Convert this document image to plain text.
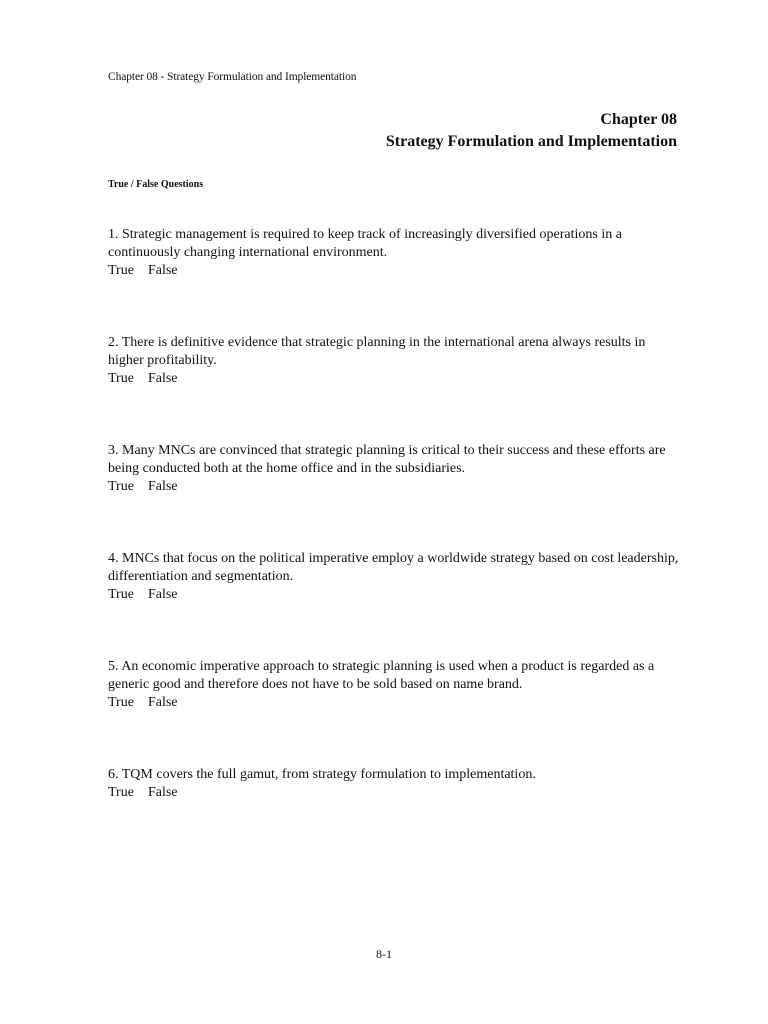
Chapter 08 - Strategy Formulation and Implementation
Chapter 08
Strategy Formulation and Implementation
True / False Questions
1. Strategic management is required to keep track of increasingly diversified operations in a continuously changing international environment.
True False
2. There is definitive evidence that strategic planning in the international arena always results in higher profitability.
True False
3. Many MNCs are convinced that strategic planning is critical to their success and these efforts are being conducted both at the home office and in the subsidiaries.
True False
4. MNCs that focus on the political imperative employ a worldwide strategy based on cost leadership, differentiation and segmentation.
True False
5. An economic imperative approach to strategic planning is used when a product is regarded as a generic good and therefore does not have to be sold based on name brand.
True False
6. TQM covers the full gamut, from strategy formulation to implementation.
True False
8-1
